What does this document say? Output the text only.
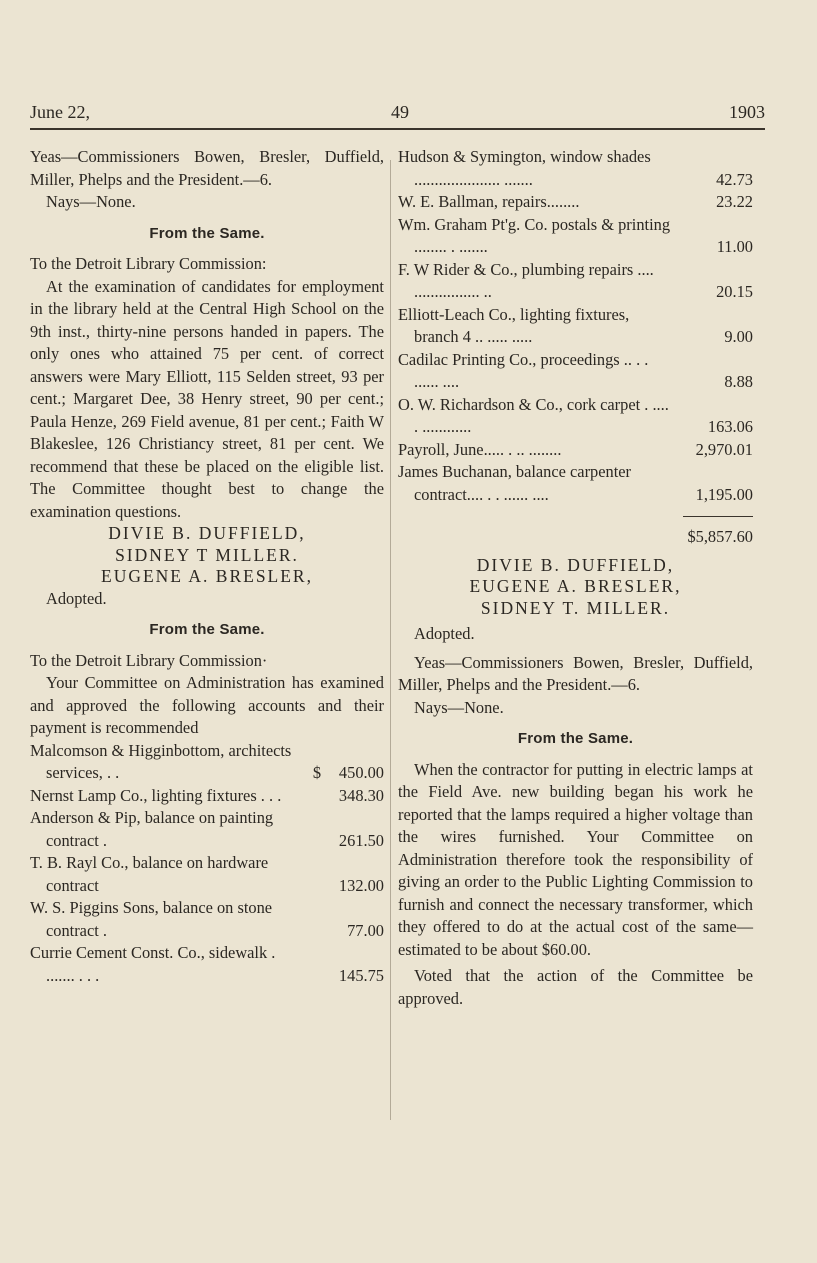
June 22,	49	1903

Yeas—Commissioners Bowen, Bresler, Duffield, Miller, Phelps and the President.—6.

Nays—None.

From the Same.

To the Detroit Library Commission:

At the examination of candidates for employment in the library held at the Central High School on the 9th inst., thirty-nine persons handed in papers. The only ones who attained 75 per cent. of correct answers were Mary Elliott, 115 Selden street, 93 per cent.; Margaret Dee, 38 Henry street, 90 per cent.; Paula Henze, 269 Field avenue, 81 per cent.; Faith W Blakeslee, 126 Christiancy street, 81 per cent. We recommend that these be placed on the eligible list. The Committee thought best to change the examination questions.

DIVIE B. DUFFIELD,
SIDNEY T MILLER.
EUGENE A. BRESLER,

Adopted.

From the Same.

To the Detroit Library Commission·

Your Committee on Administration has examined and approved the following accounts and their payment is recommended

Malcomson & Higginbottom, architects services, . .	$ 450.00
Nernst Lamp Co., lighting fixtures . . .	348.30
Anderson & Pip, balance on painting contract .	261.50
T. B. Rayl Co., balance on hardware contract	132.00
W. S. Piggins Sons, balance on stone contract .	77.00
Currie Cement Const. Co., sidewalk . ....... . . .	145.75
Hudson & Symington, window shades ..................... .......	42.73
W. E. Ballman, repairs........	23.22
Wm. Graham Pt'g. Co. postals & printing ........ . .......	11.00
F. W Rider & Co., plumbing repairs .... ................ ..	20.15
Elliott-Leach Co., lighting fixtures, branch 4 .. ..... .....	9.00
Cadilac Printing Co., proceedings .. . . ...... ....	8.88
O. W. Richardson & Co., cork carpet . .... . ............	163.06
Payroll, June..... . .. ........	2,970.01
James Buchanan, balance carpenter contract.... . . ...... ....	1,195.00

$5,857.60

DIVIE B. DUFFIELD,
EUGENE A. BRESLER,
SIDNEY T. MILLER.

Adopted.

Yeas—Commissioners Bowen, Bresler, Duffield, Miller, Phelps and the President.—6.

Nays—None.

From the Same.

When the contractor for putting in electric lamps at the Field Ave. new building began his work he reported that the lamps required a higher voltage than the wires furnished. Your Committee on Administration therefore took the responsibility of giving an order to the Public Lighting Commission to furnish and connect the necessary transformer, which they offered to do at the actual cost of the same—estimated to be about $60.00.

Voted that the action of the Committee be approved.
